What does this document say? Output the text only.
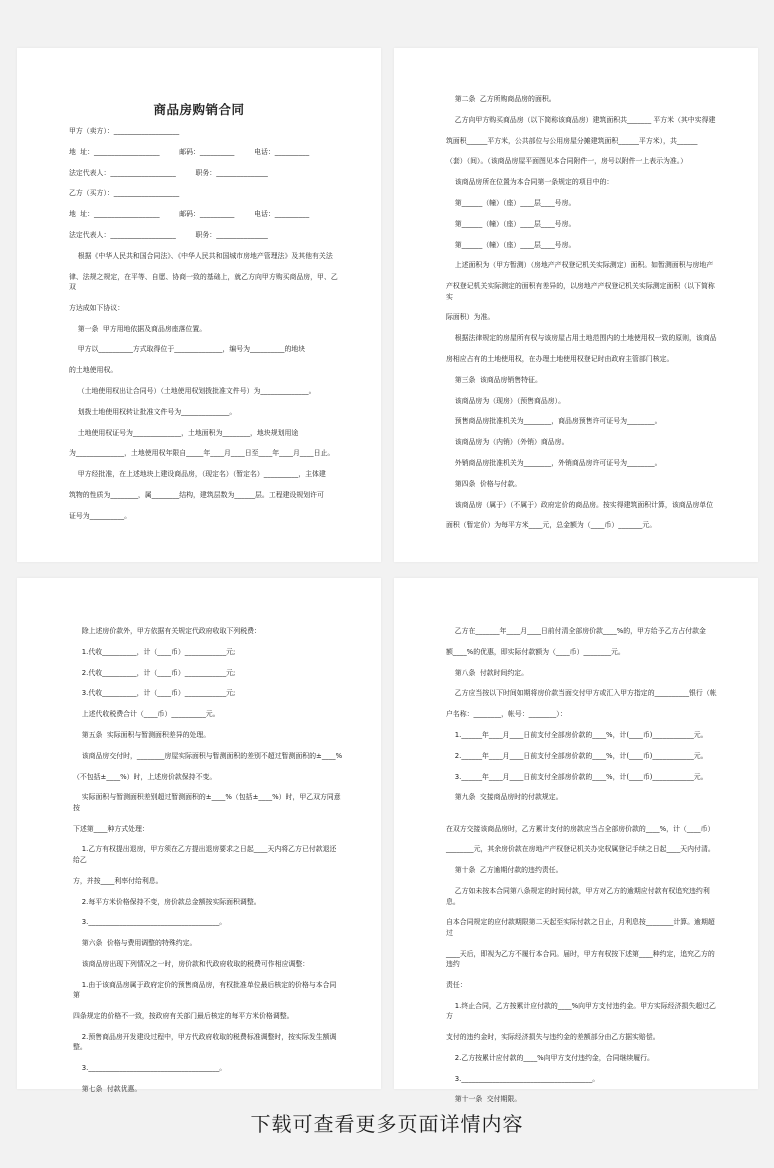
商品房购销合同

甲方（卖方）：___________________

地  址：___________________         邮码：__________         电话：__________

法定代表人：___________________         职务：_______________

乙方（买方）：___________________

地  址：___________________         邮码：__________         电话：__________

法定代表人：___________________         职务：_______________

根据《中华人民共和国合同法》、《中华人民共和国城市房地产管理法》及其他有关法

律、法规之规定，在平等、自愿、协商一致的基础上，就乙方向甲方购买商品房，甲、乙双

方达成如下协议：

第一条  甲方用地依据及商品房座落位置。

甲方以__________方式取得位于______________，编号为__________的地块

的土地使用权。

（土地使用权出让合同号）（土地使用权划拨批准文件号）为______________。

划拨土地使用权转让批准文件号为______________。

土地使用权证号为______________，土地面积为________，地块规划用途

为______________，土地使用权年限自_____年____月____日至____年____月____日止。

甲方经批准，在上述地块上建设商品房，（现定名）（暂定名）__________，主体建

筑物的性质为________，属________结构，建筑层数为______层。工程建设规划许可

证号为__________。

第二条  乙方所购商品房的面积。

乙方向甲方购买商品房（以下简称该商品房）建筑面积共_______ 平方米（其中实得建

筑面积______平方米，公共部位与公用房屋分摊建筑面积______平方米），共______

（套）（间）。（该商品房屋平面图见本合同附件一，房号以附件一上表示为准。）

该商品房所在位置为本合同第一条规定的项目中的：

第______（幢）（座）____层____号房。

第______（幢）（座）____层____号房。

第______（幢）（座）____层____号房。

上述面积为（甲方暂测）（房地产产权登记机关实际测定）面积。如暂测面积与房地产

产权登记机关实际测定的面积有差异的，以房地产产权登记机关实际测定面积（以下简称实

际面积）为准。

根据法律规定的房屋所有权与该房屋占用土地范围内的土地使用权一致的原则，该商品

房相应占有的土地使用权，在办理土地使用权登记时由政府主管部门核定。

第三条  该商品房销售特征。

该商品房为（现房）（预售商品房）。

预售商品房批准机关为________，商品房预售许可证号为________。

该商品房为（内销）（外销）商品房。

外销商品房批准机关为________，外销商品房许可证号为________。

第四条  价格与付款。

该商品房（属于）（不属于）政府定价的商品房。按实得建筑面积计算，该商品房单位

面积（暂定价）为每平方米____元，总金额为（____币）_______元。

除上述房价款外，甲方依据有关规定代政府收取下列税费：

1.代收__________，计（____币）____________元;

2.代收__________，计（____币）____________元;

3.代收__________，计（____币）____________元;

上述代收税费合计（____币）__________元。

第五条  实际面积与暂测面积差异的处理。

该商品房交付时，________房屋实际面积与暂测面积的差别不超过暂测面积的±____%

（不包括±____%）时，上述房价款保持不变。

实际面积与暂测面积差别超过暂测面积的±____%（包括±____%）时，甲乙双方同意按

下述第____种方式处理：

1.乙方有权提出退房，甲方须在乙方提出退房要求之日起____天内将乙方已付款退还给乙

方，并按____利率付给利息。

2.每平方米价格保持不变，房价款总金额按实际面积调整。

3.______________________________________。

第六条  价格与费用调整的特殊约定。

该商品房出现下列情况之一时，房价款和代政府收取的税费可作相应调整：

1.由于该商品房属于政府定价的预售商品房，有权批准单位最后核定的价格与本合同第

四条规定的价格不一致，按政府有关部门最后核定的每平方米价格调整。

2.预售商品房开发建设过程中，甲方代政府收取的税费标准调整时，按实际发生额调整。

3.______________________________________。

第七条  付款优惠。

乙方在_______年____月____日前付清全部房价款____%的，甲方给予乙方占付款金

额____%的优惠，即实际付款额为（____币）________元。

第八条  付款时间约定。

乙方应当按以下时间如期将房价款当面交付甲方或汇入甲方指定的__________银行（帐

户名称：________，帐号：________）：

1.______年____月____日前支付全部房价款的____%，计(____币)____________元。

2.______年____月____日前支付全部房价款的____%，计(____币)____________元。

3.______年____月____日前支付全部房价款的____%，计(____币)____________元。

第九条  交接商品房时的付款规定。

在双方交接该商品房时，乙方累计支付的房款应当占全部房价款的____%，计（____币）

________元，其余房价款在房地产产权登记机关办完权属登记手续之日起____天内付清。

第十条  乙方逾期付款的违约责任。

乙方如未按本合同第八条规定的时间付款，甲方对乙方的逾期应付款有权追究违约利息。

自本合同规定的应付款期限第二天起至实际付款之日止，月利息按________计算。逾期超过

____天后，即视为乙方不履行本合同。届时，甲方有权按下述第____种约定，追究乙方的违约

责任：

1.终止合同，乙方按累计应付款的____%向甲方支付违约金。甲方实际经济损失超过乙方

支付的违约金时，实际经济损失与违约金的差额部分由乙方据实赔偿。

2.乙方按累计应付款的____%向甲方支付违约金，合同继续履行。

3.______________________________________。

第十一条  交付期限。

下载可查看更多页面详情内容
